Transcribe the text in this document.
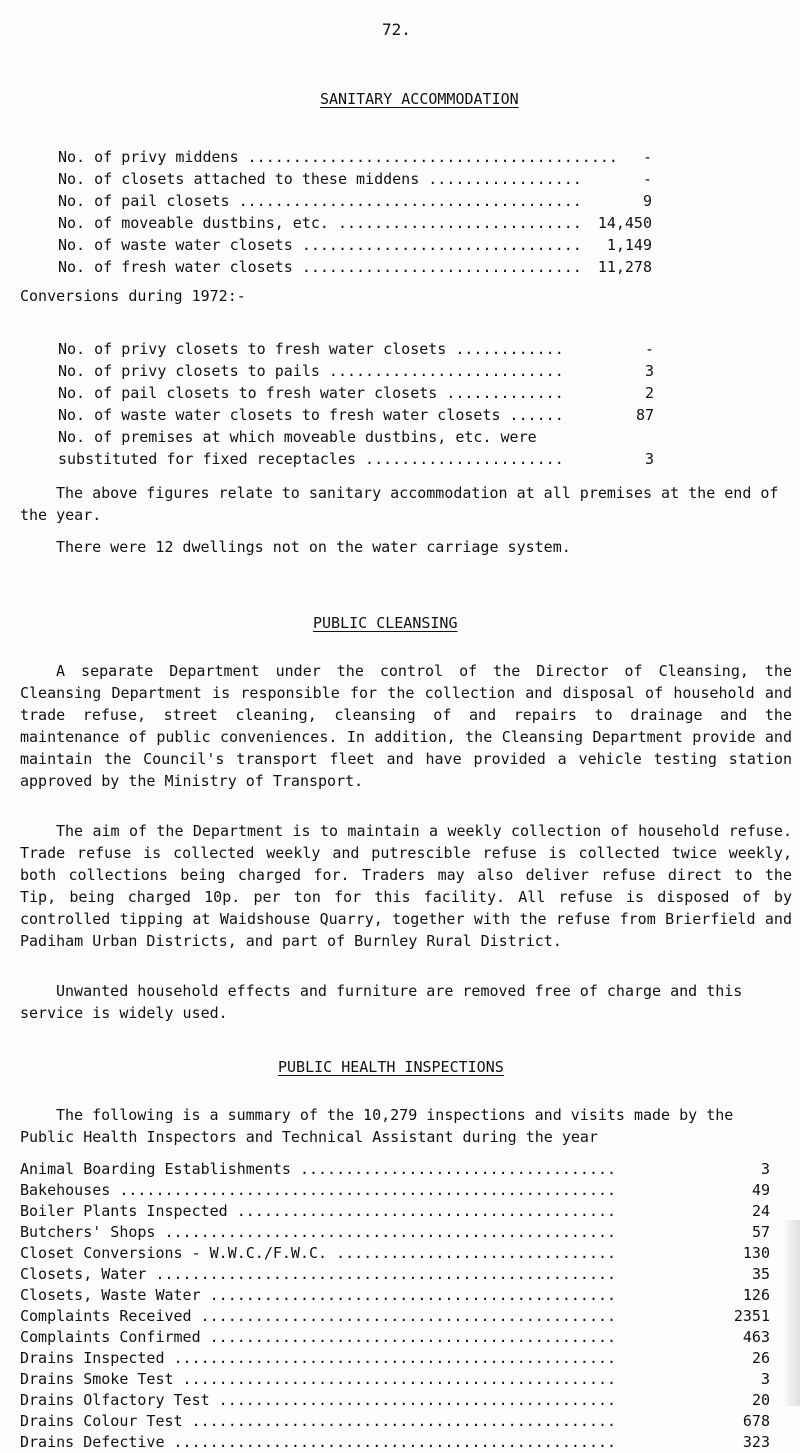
72.
SANITARY ACCOMMODATION
No. of privy middens ......................................... -
No. of closets attached to these middens .................	-
No. of pail closets ......................................	9
No. of moveable dustbins, etc. ........................... 14,450
No. of waste water closets ............................... 1,149
No. of fresh water closets ............................... 11,278
Conversions during 1972:-
No. of privy closets to fresh water closets ............	-
No. of privy closets to pails ..........................	3
No. of pail closets to fresh water closets .............	2
No. of waste water closets to fresh water closets ......	87
No. of premises at which moveable dustbins, etc. were
substituted for fixed receptacles ......................	3
The above figures relate to sanitary accommodation at all premises at the end of the year.
There were 12 dwellings not on the water carriage system.
PUBLIC CLEANSING
A separate Department under the control of the Director of Cleansing, the Cleansing Department is responsible for the collection and disposal of household and trade refuse, street cleaning, cleansing of and repairs to drainage and the maintenance of public conveniences. In addition, the Cleansing Department provide and maintain the Council's transport fleet and have provided a vehicle testing station approved by the Ministry of Transport.
The aim of the Department is to maintain a weekly collection of household refuse. Trade refuse is collected weekly and putrescible refuse is collected twice weekly, both collections being charged for. Traders may also deliver refuse direct to the Tip, being charged 10p. per ton for this facility. All refuse is disposed of by controlled tipping at Waidshouse Quarry, together with the refuse from Brierfield and Padiham Urban Districts, and part of Burnley Rural District.
Unwanted household effects and furniture are removed free of charge and this service is widely used.
PUBLIC HEALTH INSPECTIONS
The following is a summary of the 10,279 inspections and visits made by the Public Health Inspectors and Technical Assistant during the year
Animal Boarding Establishments ...................................	3
Bakehouses .......................................................	49
Boiler Plants Inspected ..........................................	24
Butchers' Shops ..................................................	57
Closet Conversions - W.W.C./F.W.C. ...............................	130
Closets, Water ...................................................	35
Closets, Waste Water .............................................	126
Complaints Received ..............................................	2351
Complaints Confirmed .............................................	463
Drains Inspected .................................................	26
Drains Smoke Test ................................................	3
Drains Olfactory Test ............................................	20
Drains Colour Test ...............................................	678
Drains Defective .................................................	323
